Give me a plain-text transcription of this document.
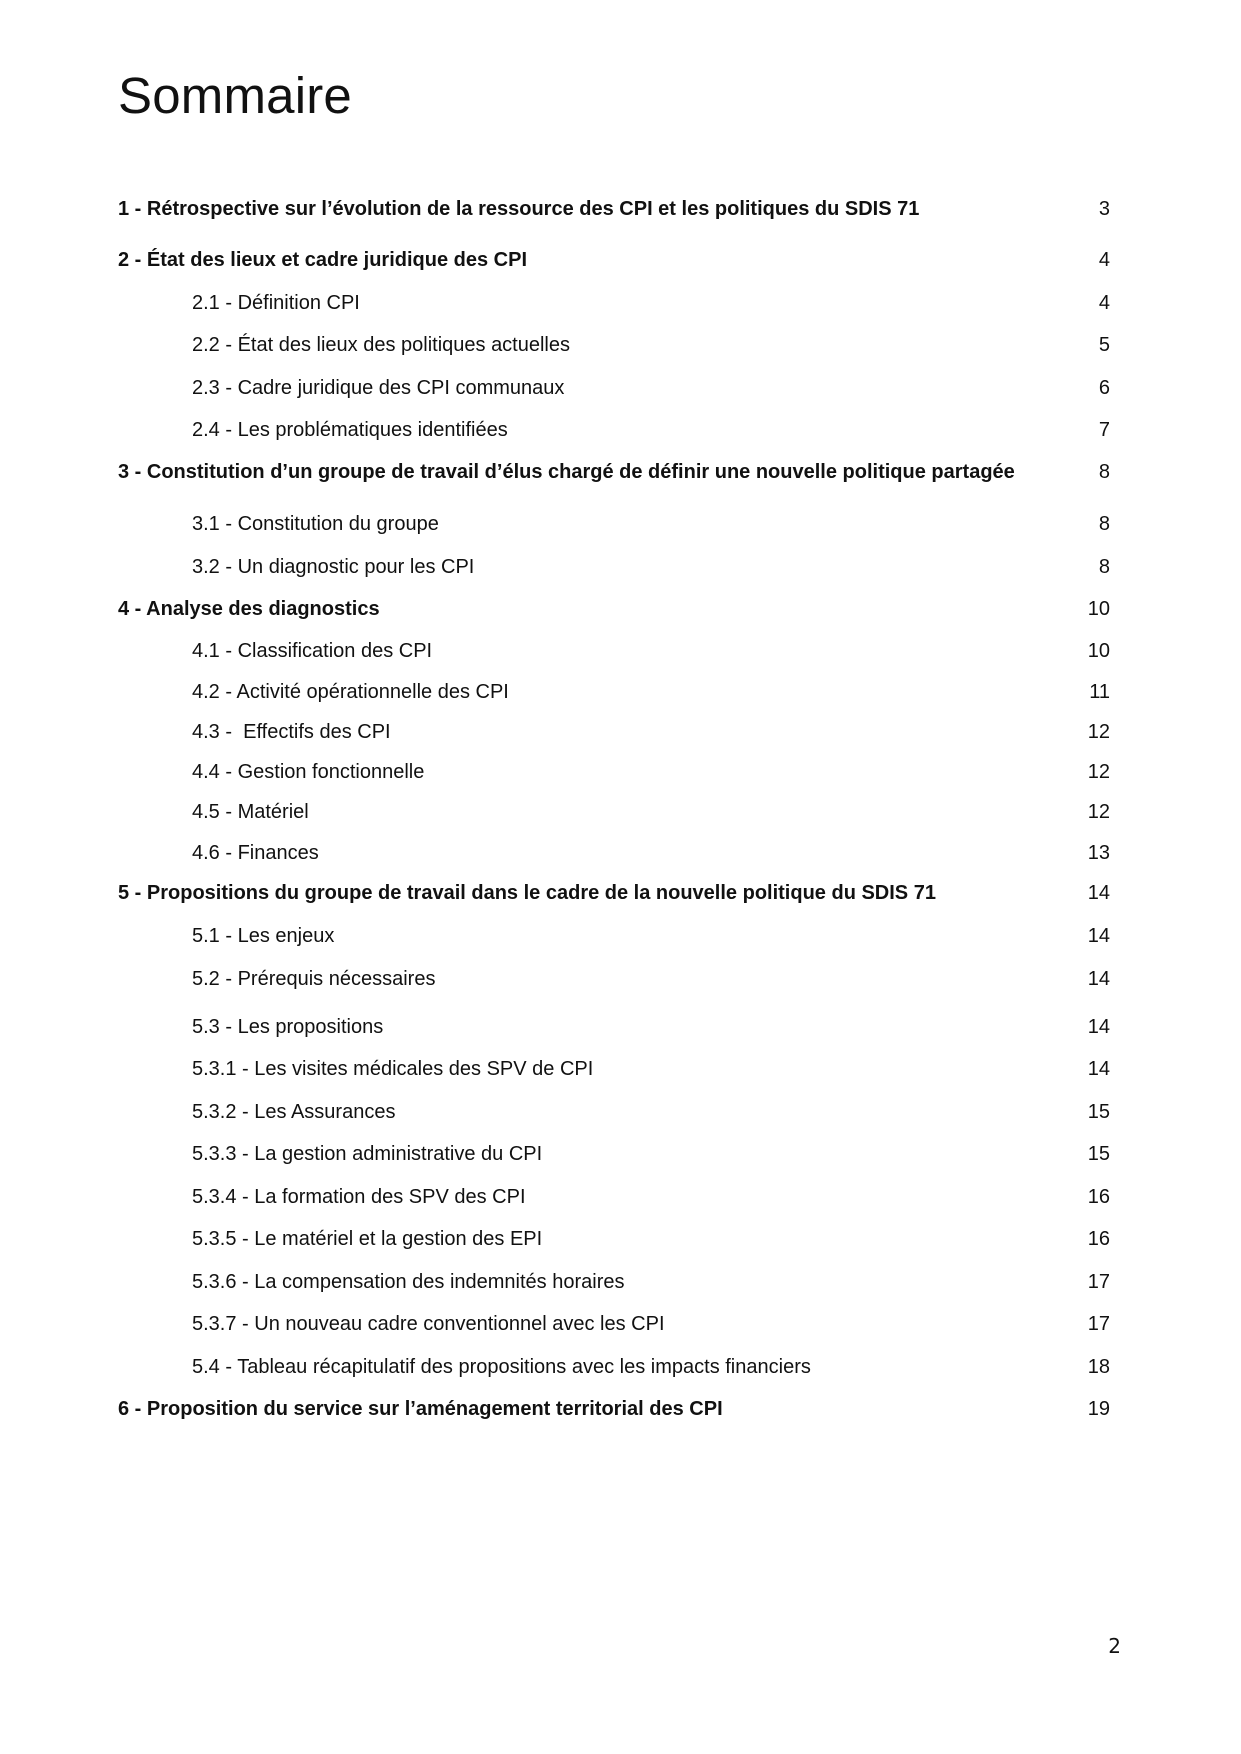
Sommaire
1 - Rétrospective sur l’évolution de la ressource des CPI et les politiques du SDIS 71	3
2 - État des lieux et cadre juridique des CPI	4
2.1 - Définition CPI	4
2.2 - État des lieux des politiques actuelles	5
2.3 - Cadre juridique des CPI communaux	6
2.4 - Les problématiques identifiées	7
3 - Constitution d’un groupe de travail d’élus chargé de définir une nouvelle politique partagée	8
3.1 - Constitution du groupe	8
3.2 - Un diagnostic pour les CPI	8
4 - Analyse des diagnostics	10
4.1 - Classification des CPI	10
4.2 - Activité opérationnelle des CPI	11
4.3 -  Effectifs des CPI	12
4.4 - Gestion fonctionnelle	12
4.5 - Matériel	12
4.6 - Finances	13
5 - Propositions du groupe de travail dans le cadre de la nouvelle politique du SDIS 71	14
5.1 - Les enjeux	14
5.2 - Prérequis nécessaires	14
5.3 - Les propositions	14
5.3.1 - Les visites médicales des SPV de CPI	14
5.3.2 - Les Assurances	15
5.3.3 - La gestion administrative du CPI	15
5.3.4 - La formation des SPV des CPI	16
5.3.5 - Le matériel et la gestion des EPI	16
5.3.6 - La compensation des indemnités horaires	17
5.3.7 - Un nouveau cadre conventionnel avec les CPI	17
5.4 - Tableau récapitulatif des propositions avec les impacts financiers	18
6 - Proposition du service sur l’aménagement territorial des CPI	19
2
